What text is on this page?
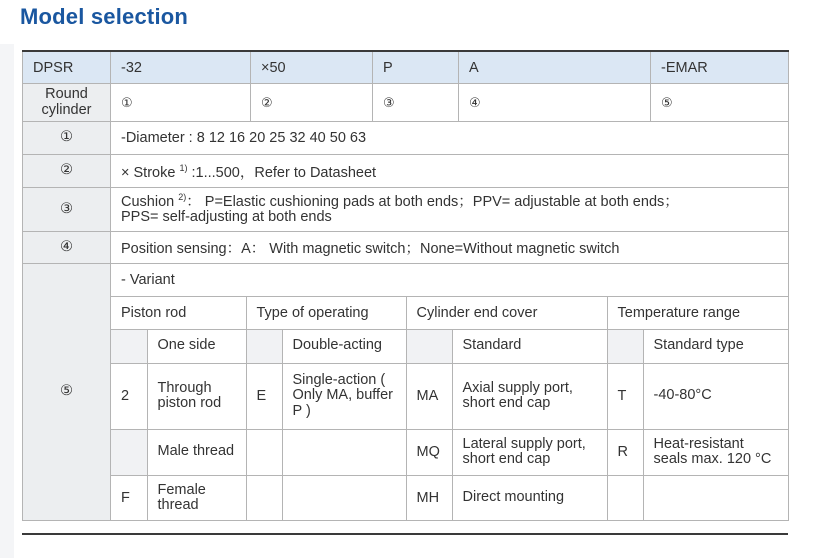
Model selection
DPSR	-32	×50	P	A	-EMAR
Round cylinder	①	②	③	④	⑤
①	-Diameter : 8 12 16 20 25 32 40 50 63
②	× Stroke $^{1)}$ :1...500，Refer to Datasheet
③	Cushion $^{2)}$： P=Elastic cushioning pads at both ends；PPV= adjustable at both ends；
PPS= self-adjusting at both ends
④	Position sensing：A： With magnetic switch；None=Without magnetic switch
⑤	
- Variant
Piston rod	Type of operating	Cylinder end cover	Temperature range
	One side		Double-acting		Standard		Standard type
2	Through piston rod	E	Single-action ( Only MA, buffer P )	MA	Axial supply port, short end cap	T	-40-80°C
	Male thread			MQ	Lateral supply port, short end cap	R	Heat-resistant seals max. 120 °C
F	Female thread			MH	Direct mounting		
